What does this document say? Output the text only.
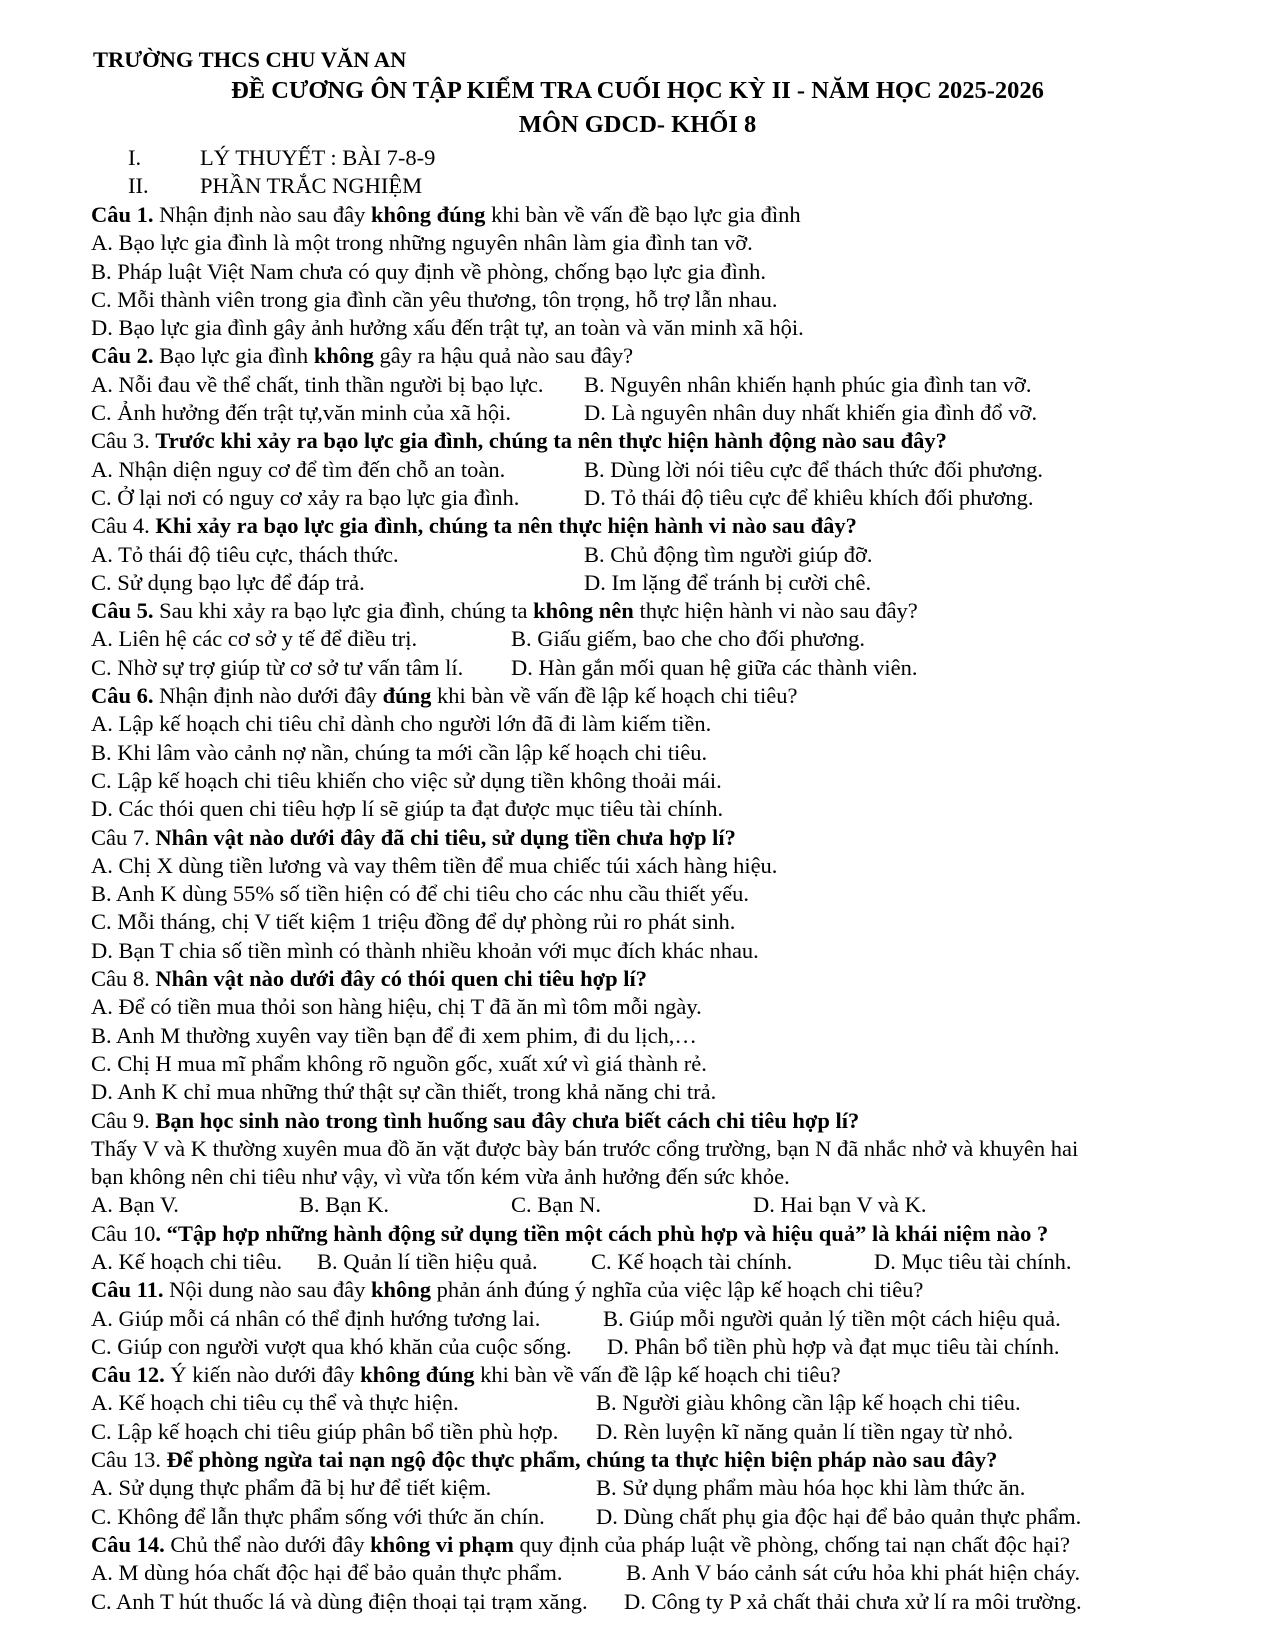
TRƯỜNG THCS CHU VĂN AN
ĐỀ CƯƠNG ÔN TẬP KIỂM TRA CUỐI HỌC KỲ II - NĂM HỌC 2025-2026
MÔN GDCD- KHỐI 8
I.	LÝ THUYẾT : BÀI 7-8-9
II. PHẦN TRẮC NGHIỆM
Câu 1. Nhận định nào sau đây không đúng khi bàn về vấn đề bạo lực gia đình
A. Bạo lực gia đình là một trong những nguyên nhân làm gia đình tan vỡ.
B. Pháp luật Việt Nam chưa có quy định về phòng, chống bạo lực gia đình.
C. Mỗi thành viên trong gia đình cần yêu thương, tôn trọng, hỗ trợ lẫn nhau.
D. Bạo lực gia đình gây ảnh hưởng xấu đến trật tự, an toàn và văn minh xã hội.
Câu 2. Bạo lực gia đình không gây ra hậu quả nào sau đây?
A. Nỗi đau về thể chất, tinh thần người bị bạo lực. B. Nguyên nhân khiến hạnh phúc gia đình tan vỡ.
C. Ảnh hưởng đến trật tự,văn minh của xã hội.	D. Là nguyên nhân duy nhất khiến gia đình đổ vỡ.
Câu 3. Trước khi xảy ra bạo lực gia đình, chúng ta nên thực hiện hành động nào sau đây?
A. Nhận diện nguy cơ để tìm đến chỗ an toàn.	B. Dùng lời nói tiêu cực để thách thức đối phương.
C. Ở lại nơi có nguy cơ xảy ra bạo lực gia đình.	D. Tỏ thái độ tiêu cực để khiêu khích đối phương.
Câu 4. Khi xảy ra bạo lực gia đình, chúng ta nên thực hiện hành vi nào sau đây?
A. Tỏ thái độ tiêu cực, thách thức.	B. Chủ động tìm người giúp đỡ.
C. Sử dụng bạo lực để đáp trả.	D. Im lặng để tránh bị cười chê.
Câu 5. Sau khi xảy ra bạo lực gia đình, chúng ta không nên thực hiện hành vi nào sau đây?
A. Liên hệ các cơ sở y tế để điều trị.	B. Giấu giếm, bao che cho đối phương.
C. Nhờ sự trợ giúp từ cơ sở tư vấn tâm lí. D. Hàn gắn mối quan hệ giữa các thành viên.
Câu 6. Nhận định nào dưới đây đúng khi bàn về vấn đề lập kế hoạch chi tiêu?
A. Lập kế hoạch chi tiêu chỉ dành cho người lớn đã đi làm kiếm tiền.
B. Khi lâm vào cảnh nợ nần, chúng ta mới cần lập kế hoạch chi tiêu.
C. Lập kế hoạch chi tiêu khiến cho việc sử dụng tiền không thoải mái.
D. Các thói quen chi tiêu hợp lí sẽ giúp ta đạt được mục tiêu tài chính.
Câu 7. Nhân vật nào dưới đây đã chi tiêu, sử dụng tiền chưa hợp lí?
A. Chị X dùng tiền lương và vay thêm tiền để mua chiếc túi xách hàng hiệu.
B. Anh K dùng 55% số tiền hiện có để chi tiêu cho các nhu cầu thiết yếu.
C. Mỗi tháng, chị V tiết kiệm 1 triệu đồng để dự phòng rủi ro phát sinh.
D. Bạn T chia số tiền mình có thành nhiều khoản với mục đích khác nhau.
Câu 8. Nhân vật nào dưới đây có thói quen chi tiêu hợp lí?
A. Để có tiền mua thỏi son hàng hiệu, chị T đã ăn mì tôm mỗi ngày.
B. Anh M thường xuyên vay tiền bạn để đi xem phim, đi du lịch,…
C. Chị H mua mĩ phẩm không rõ nguồn gốc, xuất xứ vì giá thành rẻ.
D. Anh K chỉ mua những thứ thật sự cần thiết, trong khả năng chi trả.
Câu 9. Bạn học sinh nào trong tình huống sau đây chưa biết cách chi tiêu hợp lí?
Thấy V và K thường xuyên mua đồ ăn vặt được bày bán trước cổng trường, bạn N đã nhắc nhở và khuyên hai
bạn không nên chi tiêu như vậy, vì vừa tốn kém vừa ảnh hưởng đến sức khỏe.
A. Bạn V.	B. Bạn K.	C. Bạn N.	D. Hai bạn V và K.
Câu 10. “Tập hợp những hành động sử dụng tiền một cách phù hợp và hiệu quả” là khái niệm nào ?
A. Kế hoạch chi tiêu. B. Quản lí tiền hiệu quả. C. Kế hoạch tài chính.	D. Mục tiêu tài chính.
Câu 11. Nội dung nào sau đây không phản ánh đúng ý nghĩa của việc lập kế hoạch chi tiêu?
A. Giúp mỗi cá nhân có thể định hướng tương lai.	B. Giúp mỗi người quản lý tiền một cách hiệu quả.
C. Giúp con người vượt qua khó khăn của cuộc sống. D. Phân bổ tiền phù hợp và đạt mục tiêu tài chính.
Câu 12. Ý kiến nào dưới đây không đúng khi bàn về vấn đề lập kế hoạch chi tiêu?
A. Kế hoạch chi tiêu cụ thể và thực hiện.	B. Người giàu không cần lập kế hoạch chi tiêu.
C. Lập kế hoạch chi tiêu giúp phân bổ tiền phù hợp. D. Rèn luyện kĩ năng quản lí tiền ngay từ nhỏ.
Câu 13. Để phòng ngừa tai nạn ngộ độc thực phẩm, chúng ta thực hiện biện pháp nào sau đây?
A. Sử dụng thực phẩm đã bị hư để tiết kiệm.	B. Sử dụng phẩm màu hóa học khi làm thức ăn.
C. Không để lẫn thực phẩm sống với thức ăn chín. D. Dùng chất phụ gia độc hại để bảo quản thực phẩm.
Câu 14. Chủ thể nào dưới đây không vi phạm quy định của pháp luật về phòng, chống tai nạn chất độc hại?
A. M dùng hóa chất độc hại để bảo quản thực phẩm.	B. Anh V báo cảnh sát cứu hỏa khi phát hiện cháy.
C. Anh T hút thuốc lá và dùng điện thoại tại trạm xăng. D. Công ty P xả chất thải chưa xử lí ra môi trường.
